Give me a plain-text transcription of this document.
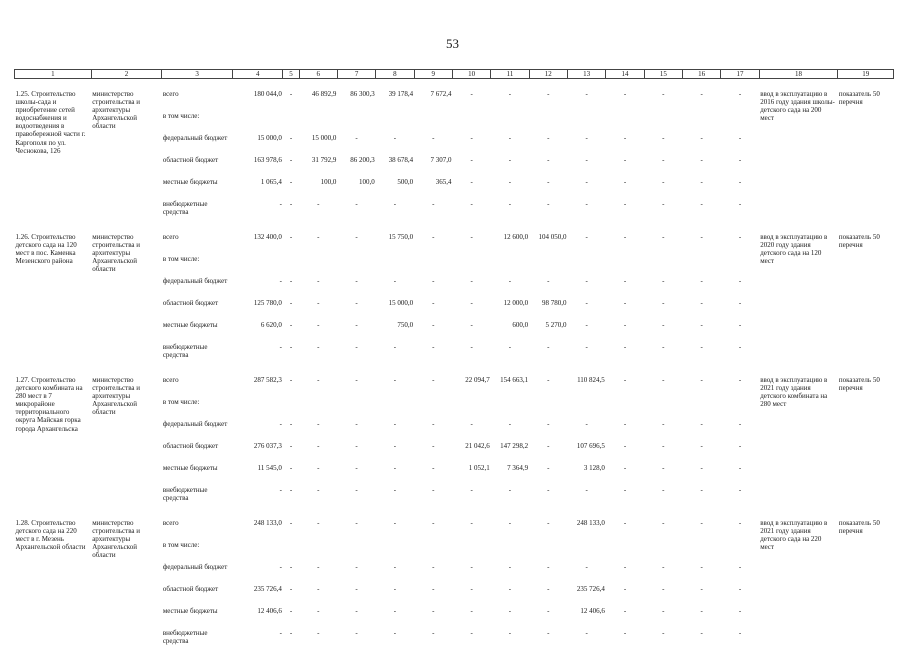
53
1	2	3	4	5	6	7	8	9	10	11	12	13	14	15	16	17	18	19

1.25. Строительство школы-сада и приобретение сетей водоснабжения и водоотведения в правобережной части г. Каргополя по ул. Чеснокова, 126	министерство строительства и архитектуры Архангельской области	всего	180 044,0	-	46 892,9	86 300,3	39 178,4	7 672,4	-	-	-	-	-	-	-	-	ввод в эксплуатацию в 2016 году здания школы-детского сада на 200 мест	показатель 50 перечня
		в том числе:																
		федеральный бюджет	15 000,0	-	15 000,0	-	-	-	-	-	-	-	-	-	-	-		
		областной бюджет	163 978,6	-	31 792,9	86 200,3	38 678,4	7 307,0	-	-	-	-	-	-	-	-		
		местные бюджеты	1 065,4	-	100,0	100,0	500,0	365,4	-	-	-	-	-	-	-	-		
		внебюджетные средства	-	-	-	-	-	-	-	-	-	-	-	-	-	-		

1.26. Строительство детского сада на 120 мест в пос. Каменка Мезенского района	министерство строительства и архитектуры Архангельской области	всего	132 400,0	-	-	-	15 750,0	-	-	12 600,0	104 050,0	-	-	-	-	-	ввод в эксплуатацию в 2020 году здания детского сада на 120 мест	показатель 50 перечня
		в том числе:																
		федеральный бюджет	-	-	-	-	-	-	-	-	-	-	-	-	-	-		
		областной бюджет	125 780,0	-	-	-	15 000,0	-	-	12 000,0	98 780,0	-	-	-	-	-		
		местные бюджеты	6 620,0	-	-	-	750,0	-	-	600,0	5 270,0	-	-	-	-	-		
		внебюджетные средства	-	-	-	-	-	-	-	-	-	-	-	-	-	-		

1.27. Строительство детского комбината на 280 мест в 7 микрорайоне территориального округа Майская горка города Архангельска	министерство строительства и архитектуры Архангельской области	всего	287 582,3	-	-	-	-	-	22 094,7	154 663,1	-	110 824,5	-	-	-	-	ввод в эксплуатацию в 2021 году здания детского комбината на 280 мест	показатель 50 перечня
		в том числе:																
		федеральный бюджет	-	-	-	-	-	-	-	-	-	-	-	-	-	-		
		областной бюджет	276 037,3	-	-	-	-	-	21 042,6	147 298,2	-	107 696,5	-	-	-	-		
		местные бюджеты	11 545,0	-	-	-	-	-	1 052,1	7 364,9	-	3 128,0	-	-	-	-		
		внебюджетные средства	-	-	-	-	-	-	-	-	-	-	-	-	-	-		

1.28. Строительство детского сада на 220 мест в г. Мезень Архангельской области	министерство строительства и архитектуры Архангельской области	всего	248 133,0	-	-	-	-	-	-	-	-	248 133,0	-	-	-	-	ввод в эксплуатацию в 2021 году здания детского сада на 220 мест	показатель 50 перечня
		в том числе:																
		федеральный бюджет	-	-	-	-	-	-	-	-	-	-	-	-	-	-		
		областной бюджет	235 726,4	-	-	-	-	-	-	-	-	235 726,4	-	-	-	-		
		местные бюджеты	12 406,6	-	-	-	-	-	-	-	-	12 406,6	-	-	-	-		
		внебюджетные средства	-	-	-	-	-	-	-	-	-	-	-	-	-	-		
